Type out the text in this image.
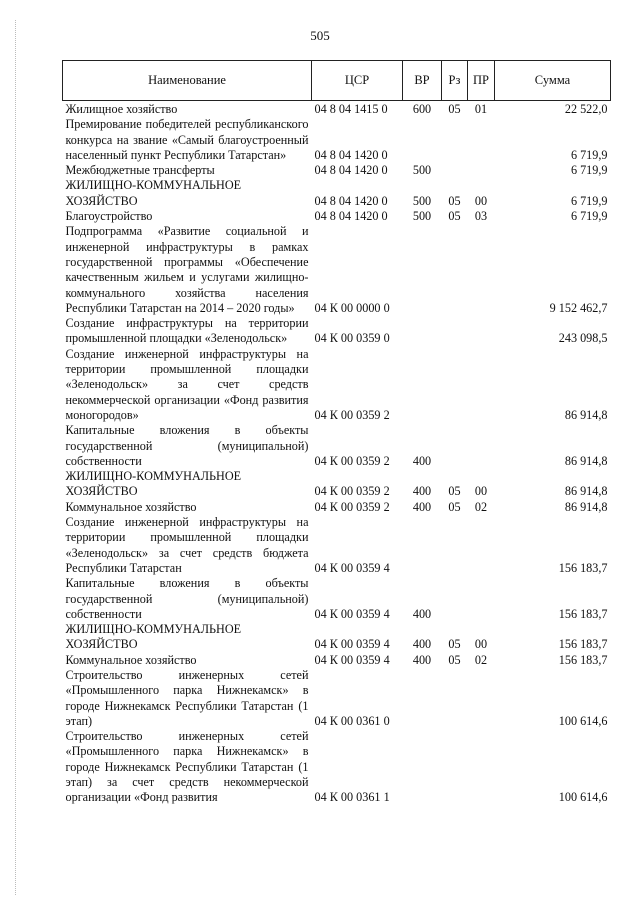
505
Наименование	ЦСР	ВР	Рз	ПР	Сумма
Жилищное хозяйство	04 8 04 1415 0	600	05	01	22 522,0
Премирование победителей республиканского конкурса на звание «Самый благоустроенный населенный пункт Республики Татарстан»	04 8 04 1420 0				6 719,9
Межбюджетные трансферты	04 8 04 1420 0	500			6 719,9
ЖИЛИЩНО-КОММУНАЛЬНОЕ ХОЗЯЙСТВО	04 8 04 1420 0	500	05	00	6 719,9
Благоустройство	04 8 04 1420 0	500	05	03	6 719,9
Подпрограмма «Развитие социальной и инженерной инфраструктуры в рамках государственной программы «Обеспечение качественным жильем и услугами жилищно-коммунального хозяйства населения Республики Татарстан на 2014 – 2020 годы»	04 К 00 0000 0				9 152 462,7
Создание инфраструктуры на территории промышленной площадки «Зеленодольск»	04 К 00 0359 0				243 098,5
Создание инженерной инфраструктуры на территории промышленной площадки «Зеленодольск» за счет средств некоммерческой организации «Фонд развития моногородов»	04 К 00 0359 2				86 914,8
Капитальные вложения в объекты государственной (муниципальной) собственности	04 К 00 0359 2	400			86 914,8
ЖИЛИЩНО-КОММУНАЛЬНОЕ ХОЗЯЙСТВО	04 К 00 0359 2	400	05	00	86 914,8
Коммунальное хозяйство	04 К 00 0359 2	400	05	02	86 914,8
Создание инженерной инфраструктуры на территории промышленной площадки «Зеленодольск» за счет средств бюджета Республики Татарстан	04 К 00 0359 4				156 183,7
Капитальные вложения в объекты государственной (муниципальной) собственности	04 К 00 0359 4	400			156 183,7
ЖИЛИЩНО-КОММУНАЛЬНОЕ ХОЗЯЙСТВО	04 К 00 0359 4	400	05	00	156 183,7
Коммунальное хозяйство	04 К 00 0359 4	400	05	02	156 183,7
Строительство инженерных сетей «Промышленного парка Нижнекамск» в городе Нижнекамск Республики Татарстан (1 этап)	04 К 00 0361 0				100 614,6
Строительство инженерных сетей «Промышленного парка Нижнекамск» в городе Нижнекамск Республики Татарстан (1 этап) за счет средств некоммерческой организации «Фонд развития	04 К 00 0361 1				100 614,6
